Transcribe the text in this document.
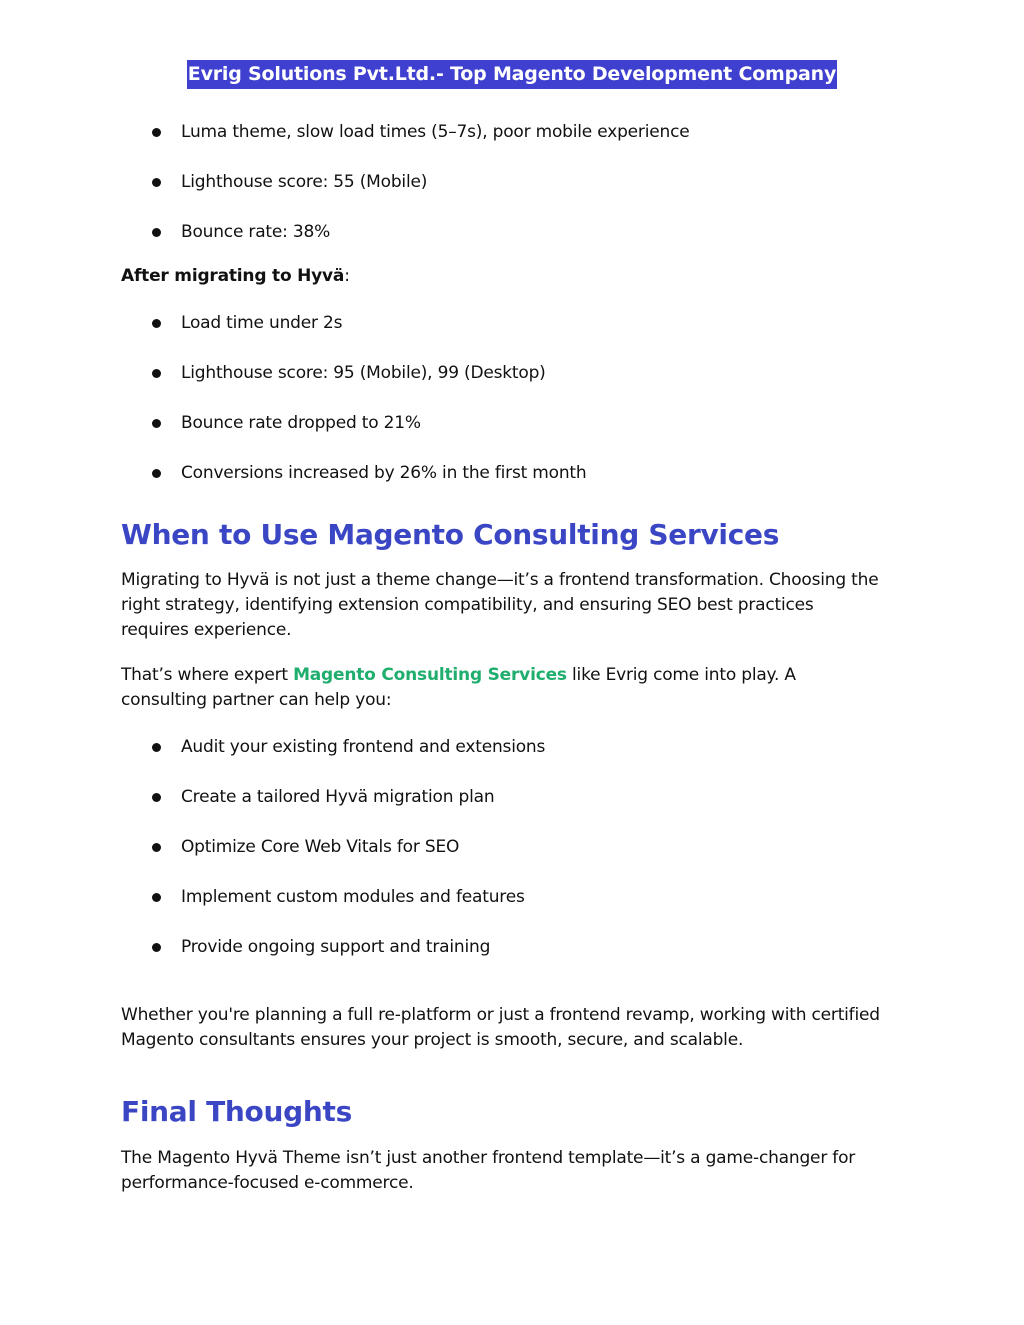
Evrig Solutions Pvt.Ltd.- Top Magento Development Company
Luma theme, slow load times (5–7s), poor mobile experience
Lighthouse score: 55 (Mobile)
Bounce rate: 38%

After migrating to Hyvä:

Load time under 2s
Lighthouse score: 95 (Mobile), 99 (Desktop)
Bounce rate dropped to 21%
Conversions increased by 26% in the first month
When to Use Magento Consulting Services

Migrating to Hyvä is not just a theme change—it’s a frontend transformation. Choosing the right strategy, identifying extension compatibility, and ensuring SEO best practices requires experience.

That’s where expert Magento Consulting Services like Evrig come into play. A consulting partner can help you:

Audit your existing frontend and extensions
Create a tailored Hyvä migration plan
Optimize Core Web Vitals for SEO
Implement custom modules and features
Provide ongoing support and training

Whether you're planning a full re-platform or just a frontend revamp, working with certified Magento consultants ensures your project is smooth, secure, and scalable.

Final Thoughts

The Magento Hyvä Theme isn’t just another frontend template—it’s a game-changer for performance-focused e-commerce.
